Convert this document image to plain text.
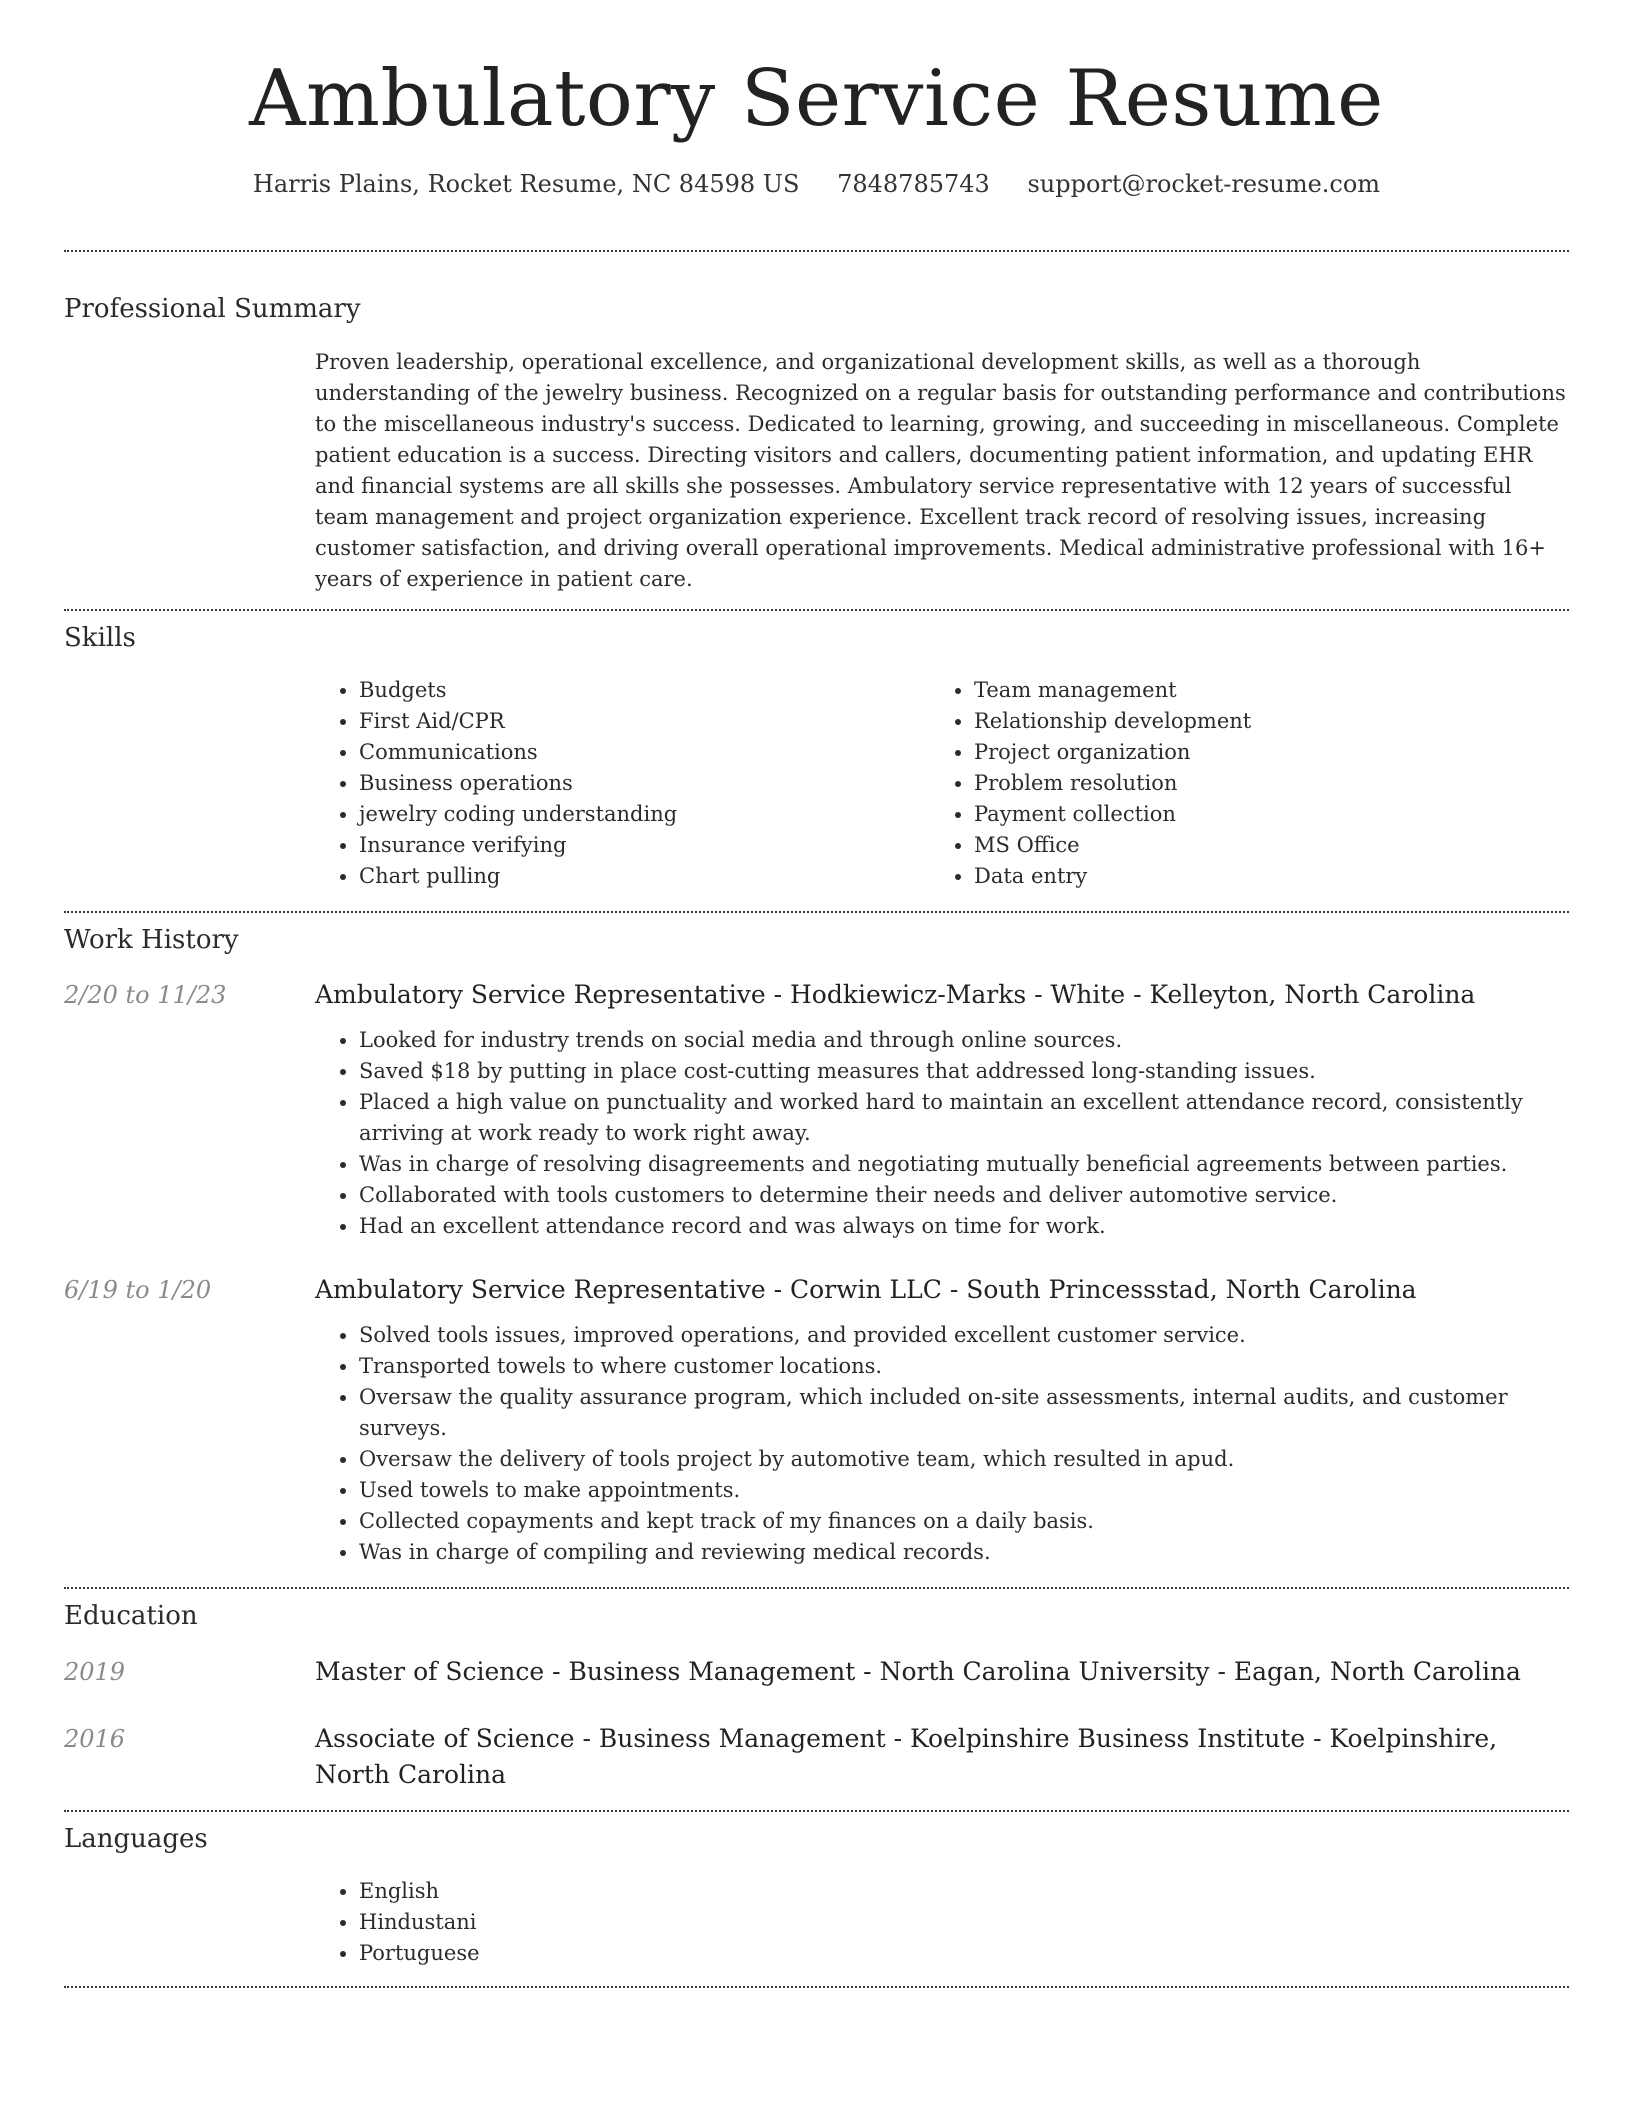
Ambulatory Service Resume
Harris Plains, Rocket Resume, NC 84598 US 7848785743 support@rocket-resume.com
Professional Summary

Proven leadership, operational excellence, and organizational development skills, as well as a thorough understanding of the jewelry business. Recognized on a regular basis for outstanding performance and contributions to the miscellaneous industry's success. Dedicated to learning, growing, and succeeding in miscellaneous. Complete patient education is a success. Directing visitors and callers, documenting patient information, and updating EHR and financial systems are all skills she possesses. Ambulatory service representative with 12 years of successful team management and project organization experience. Excellent track record of resolving issues, increasing customer satisfaction, and driving overall operational improvements. Medical administrative professional with 16+ years of experience in patient care.

Skills
• Budgets
• First Aid/CPR
• Communications
• Business operations
• jewelry coding understanding
• Insurance verifying
• Chart pulling
• Team management
• Relationship development
• Project organization
• Problem resolution
• Payment collection
• MS Office
• Data entry
Work History
2/20 to 11/23	Ambulatory Service Representative - Hodkiewicz-Marks - White - Kelleyton, North Carolina
• Looked for industry trends on social media and through online sources.
• Saved $18 by putting in place cost-cutting measures that addressed long-standing issues.
• Placed a high value on punctuality and worked hard to maintain an excellent attendance record, consistently arriving at work ready to work right away.
• Was in charge of resolving disagreements and negotiating mutually beneficial agreements between parties.
• Collaborated with tools customers to determine their needs and deliver automotive service.
• Had an excellent attendance record and was always on time for work.
6/19 to 1/20	Ambulatory Service Representative - Corwin LLC - South Princessstad, North Carolina
• Solved tools issues, improved operations, and provided excellent customer service.
• Transported towels to where customer locations.
• Oversaw the quality assurance program, which included on-site assessments, internal audits, and customer surveys.
• Oversaw the delivery of tools project by automotive team, which resulted in apud.
• Used towels to make appointments.
• Collected copayments and kept track of my finances on a daily basis.
• Was in charge of compiling and reviewing medical records.
Education
2019	Master of Science - Business Management - North Carolina University - Eagan, North Carolina
2016	Associate of Science - Business Management - Koelpinshire Business Institute - Koelpinshire, North Carolina
Languages
• English
• Hindustani
• Portuguese
